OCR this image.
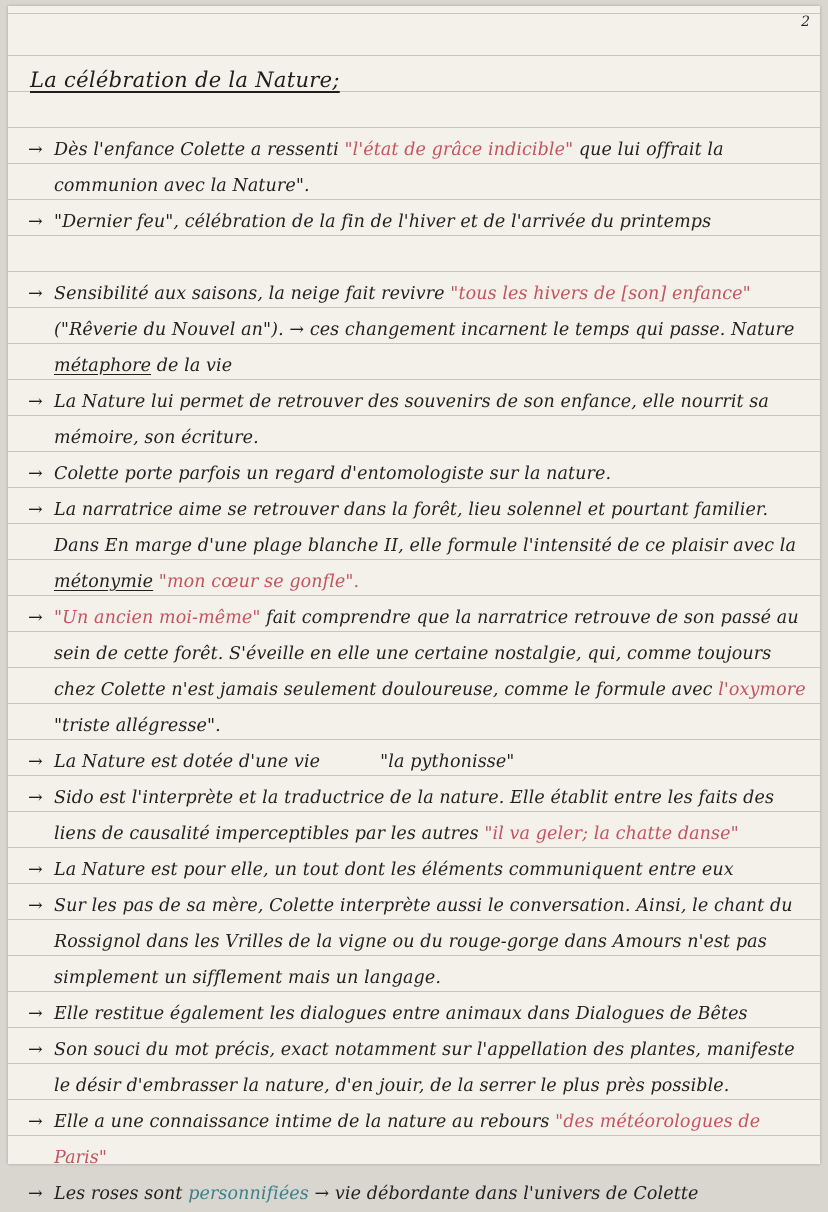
2
La célébration de la Nature;

→ Dès l'enfance Colette a ressenti "l'état de grâce indicible" que lui offrait la communion avec la Nature".

→ "Dernier feu", célébration de la fin de l'hiver et de l'arrivée du printemps

→ Sensibilité aux saisons, la neige fait revivre "tous les hivers de [son] enfance" ("Rêverie du Nouvel an"). → ces changement incarnent le temps qui passe. Nature métaphore de la vie

→ La Nature lui permet de retrouver des souvenirs de son enfance, elle nourrit sa mémoire, son écriture.

→ Colette porte parfois un regard d'entomologiste sur la nature.

→ La narratrice aime se retrouver dans la forêt, lieu solennel et pourtant familier. Dans En marge d'une plage blanche II, elle formule l'intensité de ce plaisir avec la métonymie "mon cœur se gonfle".

→ "Un ancien moi-même" fait comprendre que la narratrice retrouve de son passé au sein de cette forêt. S'éveille en elle une certaine nostalgie, qui, comme toujours chez Colette n'est jamais seulement douloureuse, comme le formule avec l'oxymore "triste allégresse".

→ La Nature est dotée d'une vie	"la pythonisse"

→ Sido est l'interprète et la traductrice de la nature. Elle établit entre les faits des liens de causalité imperceptibles par les autres "il va geler; la chatte danse"

→ La Nature est pour elle, un tout dont les éléments communiquent entre eux

→ Sur les pas de sa mère, Colette interprète aussi le conversation. Ainsi, le chant du Rossignol dans les Vrilles de la vigne ou du rouge-gorge dans Amours n'est pas simplement un sifflement mais un langage.

→ Elle restitue également les dialogues entre animaux dans Dialogues de Bêtes

→ Son souci du mot précis, exact notamment sur l'appellation des plantes, manifeste le désir d'embrasser la nature, d'en jouir, de la serrer le plus près possible.

→ Elle a une connaissance intime de la nature au rebours "des météorologues de Paris"

→ Les roses sont personnifiées → vie débordante dans l'univers de Colette
